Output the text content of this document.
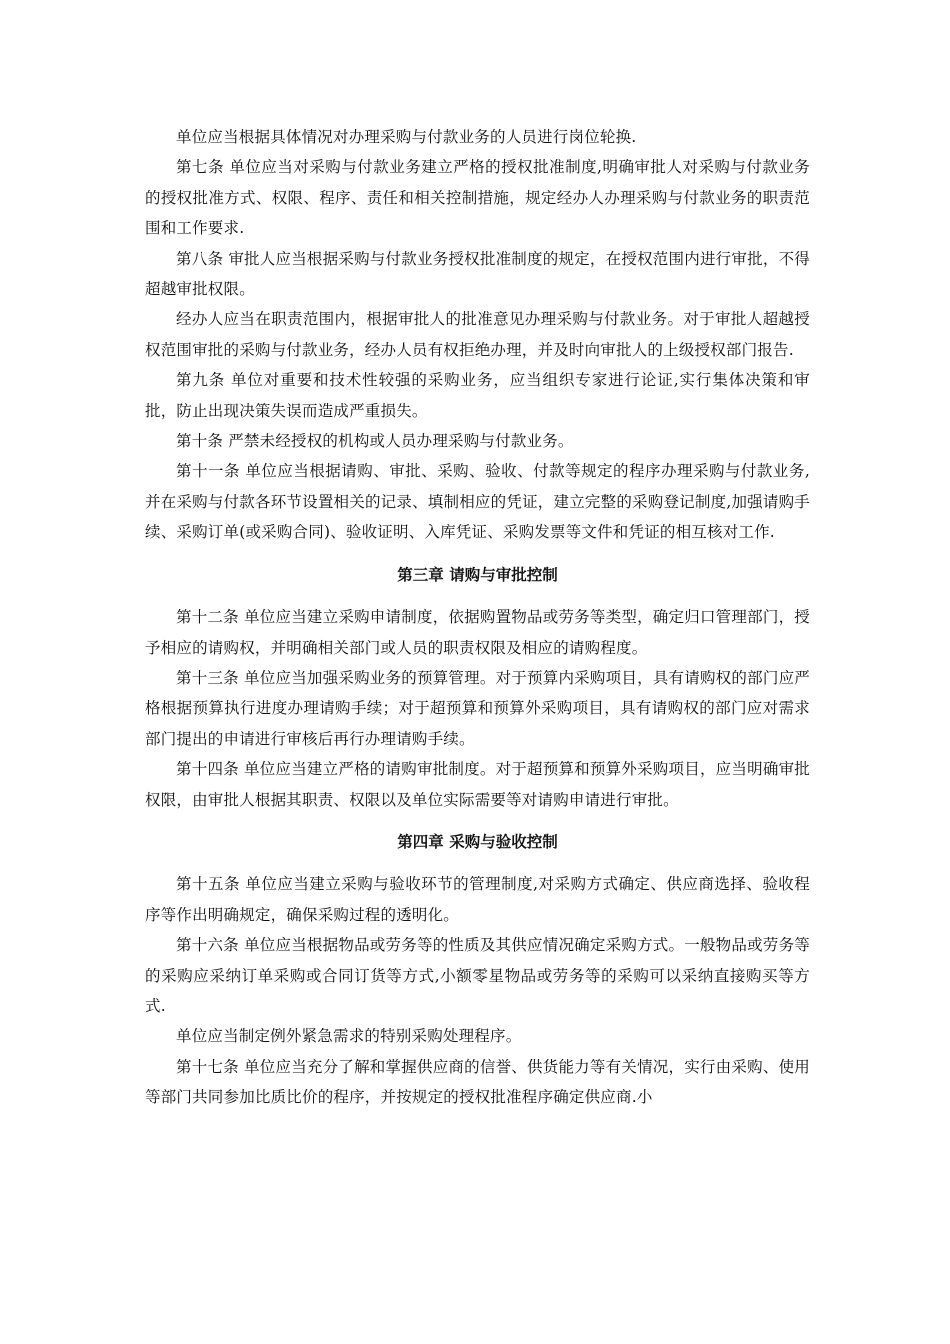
单位应当根据具体情况对办理采购与付款业务的人员进行岗位轮换.

第七条 单位应当对采购与付款业务建立严格的授权批准制度,明确审批人对采购与付款业务的授权批准方式、权限、程序、责任和相关控制措施，规定经办人办理采购与付款业务的职责范围和工作要求.

第八条 审批人应当根据采购与付款业务授权批准制度的规定，在授权范围内进行审批，不得超越审批权限。

经办人应当在职责范围内，根据审批人的批准意见办理采购与付款业务。对于审批人超越授权范围审批的采购与付款业务，经办人员有权拒绝办理，并及时向审批人的上级授权部门报告.

第九条 单位对重要和技术性较强的采购业务，应当组织专家进行论证,实行集体决策和审批，防止出现决策失误而造成严重损失。

第十条 严禁未经授权的机构或人员办理采购与付款业务。

第十一条 单位应当根据请购、审批、采购、验收、付款等规定的程序办理采购与付款业务,并在采购与付款各环节设置相关的记录、填制相应的凭证，建立完整的采购登记制度,加强请购手续、采购订单(或采购合同)、验收证明、入库凭证、采购发票等文件和凭证的相互核对工作.

第三章 请购与审批控制

第十二条 单位应当建立采购申请制度，依据购置物品或劳务等类型，确定归口管理部门，授予相应的请购权，并明确相关部门或人员的职责权限及相应的请购程度。

第十三条 单位应当加强采购业务的预算管理。对于预算内采购项目，具有请购权的部门应严格根据预算执行进度办理请购手续；对于超预算和预算外采购项目，具有请购权的部门应对需求部门提出的申请进行审核后再行办理请购手续。

第十四条 单位应当建立严格的请购审批制度。对于超预算和预算外采购项目，应当明确审批权限，由审批人根据其职责、权限以及单位实际需要等对请购申请进行审批。

第四章 采购与验收控制

第十五条 单位应当建立采购与验收环节的管理制度,对采购方式确定、供应商选择、验收程序等作出明确规定，确保采购过程的透明化。

第十六条 单位应当根据物品或劳务等的性质及其供应情况确定采购方式。一般物品或劳务等的采购应采纳订单采购或合同订货等方式,小额零星物品或劳务等的采购可以采纳直接购买等方式.

单位应当制定例外紧急需求的特别采购处理程序。

第十七条 单位应当充分了解和掌握供应商的信誉、供货能力等有关情况，实行由采购、使用等部门共同参加比质比价的程序，并按规定的授权批准程序确定供应商.小
